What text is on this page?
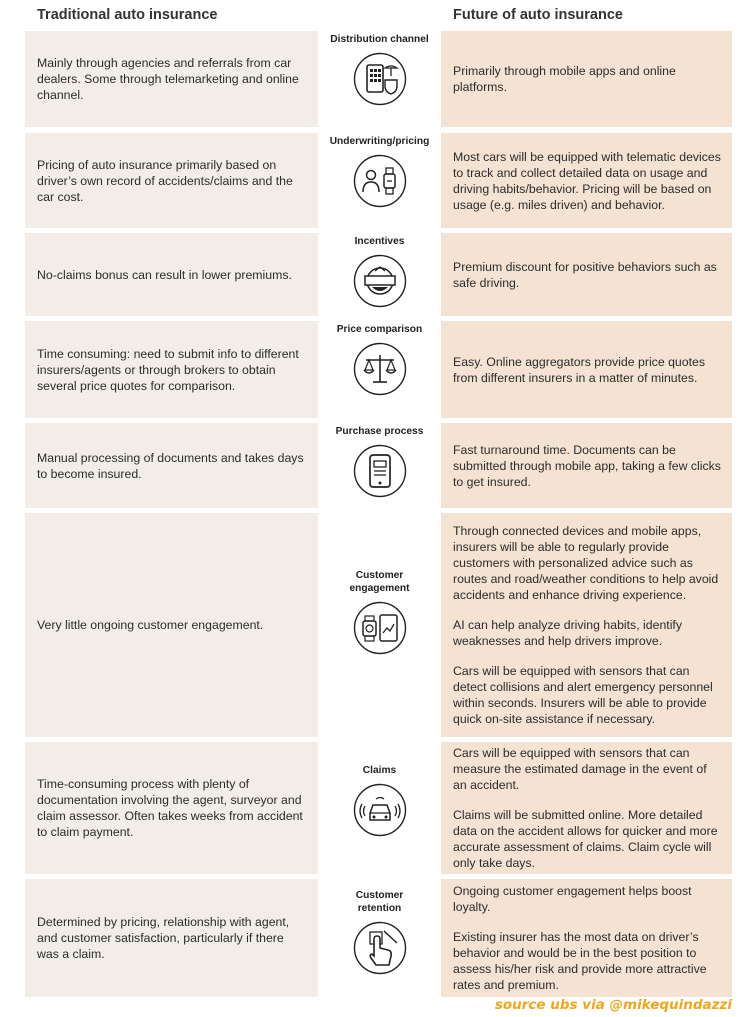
Traditional auto insurance	Future of auto insurance
Mainly through agencies and referrals from car dealers. Some through telemarketing and online channel.
Distribution channel

Primarily through mobile apps and online platforms.

Pricing of auto insurance primarily based on driver’s own record of accidents/claims and the car cost.
Underwriting/pricing

Most cars will be equipped with telematic devices to track and collect detailed data on usage and driving habits/behavior. Pricing will be based on usage (e.g. miles driven) and behavior.

No-claims bonus can result in lower premiums.
Incentives

Premium discount for positive behaviors such as safe driving.

Time consuming: need to submit info to different insurers/agents or through brokers to obtain several price quotes for comparison.
Price comparison

Easy. Online aggregators provide price quotes from different insurers in a matter of minutes.

Manual processing of documents and takes days to become insured.
Purchase process

Fast turnaround time. Documents can be submitted through mobile app, taking a few clicks to get insured.

Very little ongoing customer engagement.
Customer engagement

Through connected devices and mobile apps, insurers will be able to regularly provide customers with personalized advice such as routes and road/weather conditions to help avoid accidents and enhance driving experience.

AI can help analyze driving habits, identify weaknesses and help drivers improve.

Cars will be equipped with sensors that can detect collisions and alert emergency personnel within seconds. Insurers will be able to provide quick on-site assistance if necessary.

Time-consuming process with plenty of documentation involving the agent, surveyor and claim assessor. Often takes weeks from accident to claim payment.
Claims

Cars will be equipped with sensors that can measure the estimated damage in the event of an accident.

Claims will be submitted online. More detailed data on the accident allows for quicker and more accurate assessment of claims. Claim cycle will only take days.

Determined by pricing, relationship with agent, and customer satisfaction, particularly if there was a claim.
Customer retention

Ongoing customer engagement helps boost loyalty.

Existing insurer has the most data on driver’s behavior and would be in the best position to assess his/her risk and provide more attractive rates and premium.

source ubs via @mikequindazzi
